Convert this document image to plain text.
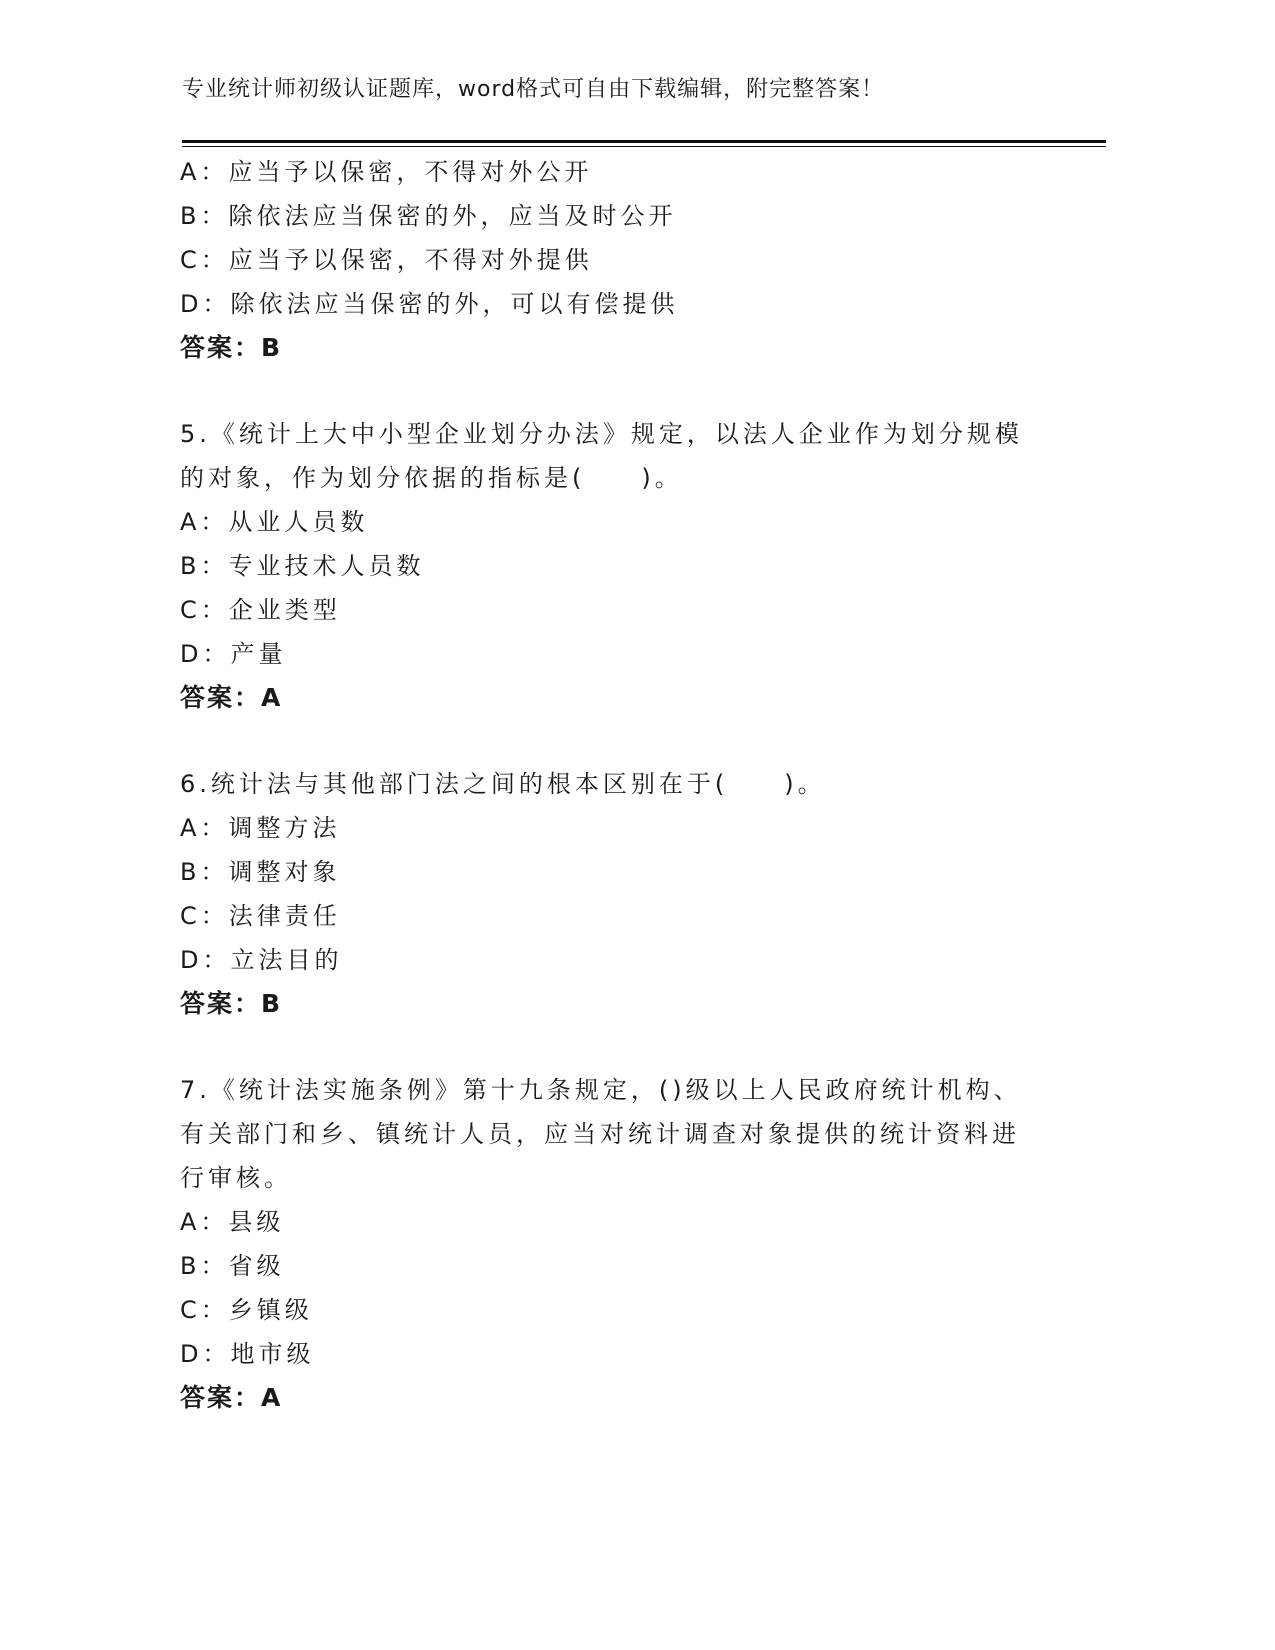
专业统计师初级认证题库，word格式可自由下载编辑，附完整答案！
A：应当予以保密，不得对外公开
B：除依法应当保密的外，应当及时公开
C：应当予以保密，不得对外提供
D：除依法应当保密的外，可以有偿提供
答案：B
5.《统计上大中小型企业划分办法》规定，以法人企业作为划分规模
的对象，作为划分依据的指标是(　　)。
A：从业人员数
B：专业技术人员数
C：企业类型
D：产量
答案：A
6.统计法与其他部门法之间的根本区别在于(　　)。
A：调整方法
B：调整对象
C：法律责任
D：立法目的
答案：B
7.《统计法实施条例》第十九条规定，()级以上人民政府统计机构、
有关部门和乡、镇统计人员，应当对统计调查对象提供的统计资料进
行审核。
A：县级
B：省级
C：乡镇级
D：地市级
答案：A
